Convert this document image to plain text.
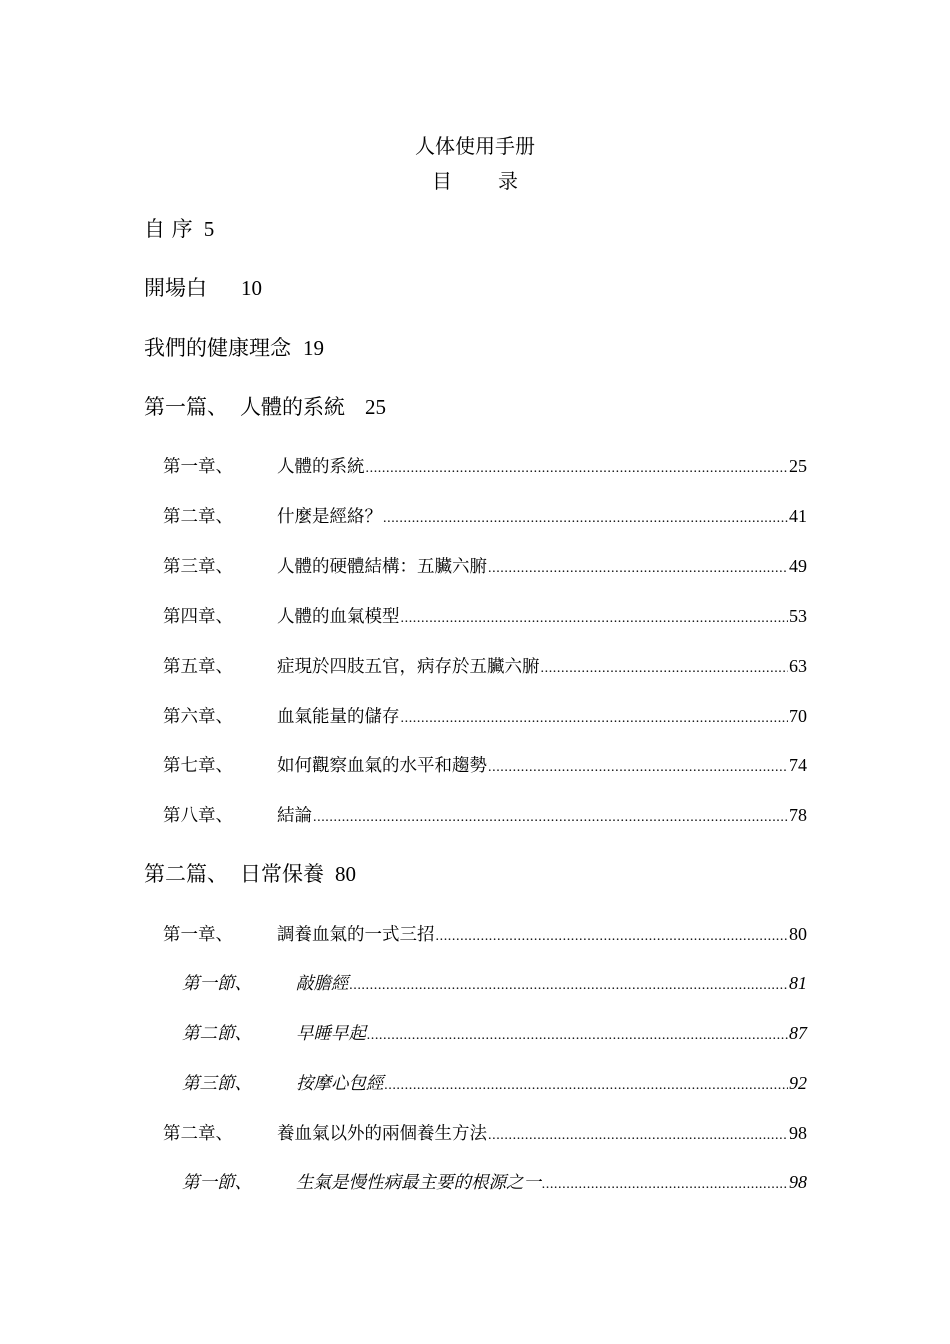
人体使用手册
目 录
自 序 5
開場白 10
我們的健康理念 19
第一篇、 人體的系統 25
第一章、	人體的系統 .....	25
第二章、	什麼是經絡？ .....	41
第三章、	人體的硬體結構：五臟六腑 .....	49
第四章、	人體的血氣模型 .....	53
第五章、	症現於四肢五官，病存於五臟六腑 .....	63
第六章、	血氣能量的儲存 .....	70
第七章、	如何觀察血氣的水平和趨勢 .....	74
第八章、	結論 .....	78
第二篇、 日常保養 80
第一章、	調養血氣的一式三招 .....	80
第一節、	敲膽經 .....	81
第二節、	早睡早起 .....	87
第三節、	按摩心包經 .....	92
第二章、	養血氣以外的兩個養生方法 .....	98
第一節、	生氣是慢性病最主要的根源之一 .....	98
